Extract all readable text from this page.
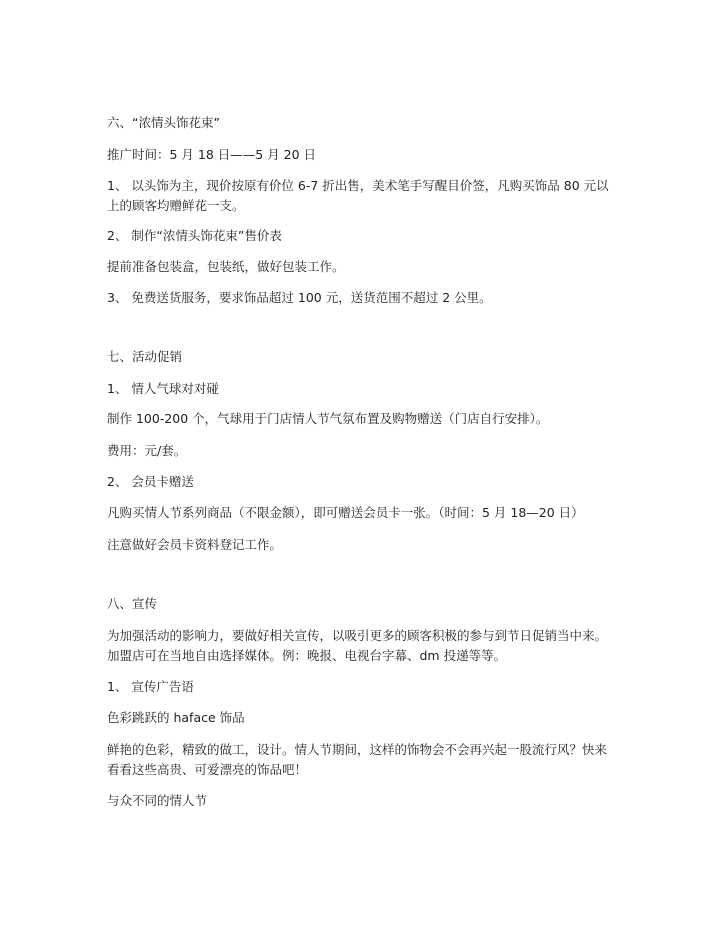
六、“浓情头饰花束”

推广时间：5 月 18 日——5 月 20 日

1、 以头饰为主，现价按原有价位 6-7 折出售，美术笔手写醒目价签，凡购买饰品 80 元以上的顾客均赠鲜花一支。

2、 制作“浓情头饰花束”售价表

提前准备包装盒，包装纸，做好包装工作。

3、 免费送货服务，要求饰品超过 100 元，送货范围不超过 2 公里。

七、活动促销

1、 情人气球对对碰

制作 100-200 个，气球用于门店情人节气氛布置及购物赠送（门店自行安排）。

费用：元/套。

2、 会员卡赠送

凡购买情人节系列商品（不限金额），即可赠送会员卡一张。（时间：5 月 18—20 日）

注意做好会员卡资料登记工作。

八、宣传

为加强活动的影响力，要做好相关宣传，以吸引更多的顾客积极的参与到节日促销当中来。加盟店可在当地自由选择媒体。例：晚报、电视台字幕、dm 投递等等。

1、 宣传广告语

色彩跳跃的 haface 饰品

鲜艳的色彩，精致的做工，设计。情人节期间，这样的饰物会不会再兴起一股流行风？快来看看这些高贵、可爱漂亮的饰品吧！

与众不同的情人节
